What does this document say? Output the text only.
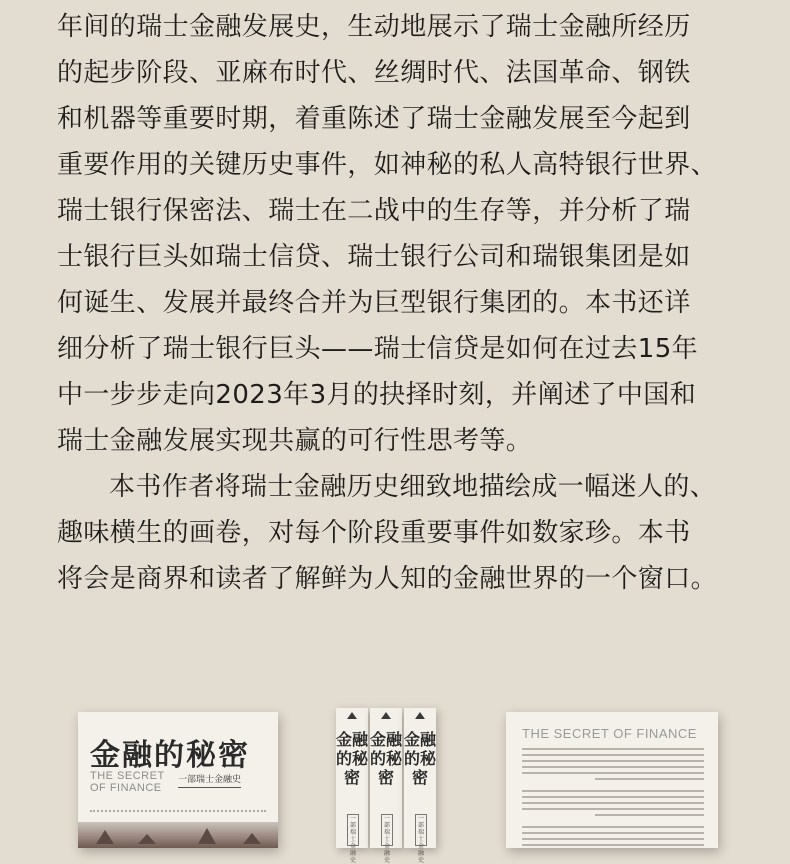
年间的瑞士金融发展史，生动地展示了瑞士金融所经历
的起步阶段、亚麻布时代、丝绸时代、法国革命、钢铁
和机器等重要时期，着重陈述了瑞士金融发展至今起到
重要作用的关键历史事件，如神秘的私人高特银行世界、
瑞士银行保密法、瑞士在二战中的生存等，并分析了瑞
士银行巨头如瑞士信贷、瑞士银行公司和瑞银集团是如
何诞生、发展并最终合并为巨型银行集团的。本书还详
细分析了瑞士银行巨头——瑞士信贷是如何在过去15年
中一步步走向2023年3月的抉择时刻，并阐述了中国和
瑞士金融发展实现共赢的可行性思考等。

本书作者将瑞士金融历史细致地描绘成一幅迷人的、
趣味横生的画卷，对每个阶段重要事件如数家珍。本书
将会是商界和读者了解鲜为人知的金融世界的一个窗口。

金融的秘密
THE SECRET OF FINANCE
一部瑞士金融史
金融的秘密
一部瑞士金融史
金融的秘密
一部瑞士金融史
金融的秘密
一部瑞士金融史
THE SECRET OF FINANCE
